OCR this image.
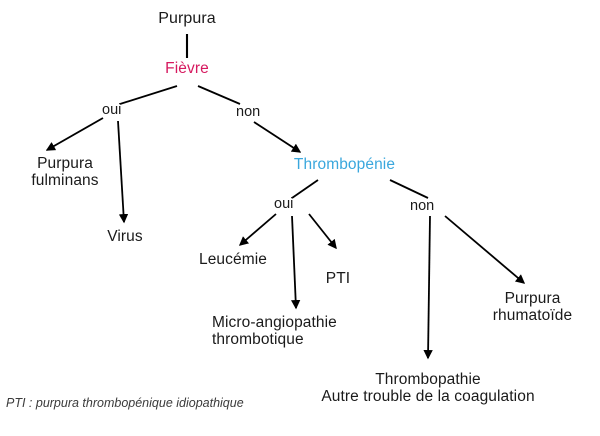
Purpura
Fièvre
Purpura
fulminans
Virus
Thrombopénie
Leucémie
PTI
Micro-angiopathie
thrombotique
Thrombopathie
Autre trouble de la coagulation
Purpura
rhumatoïde
oui	non
oui	non
PTI : purpura thrombopénique idiopathique
